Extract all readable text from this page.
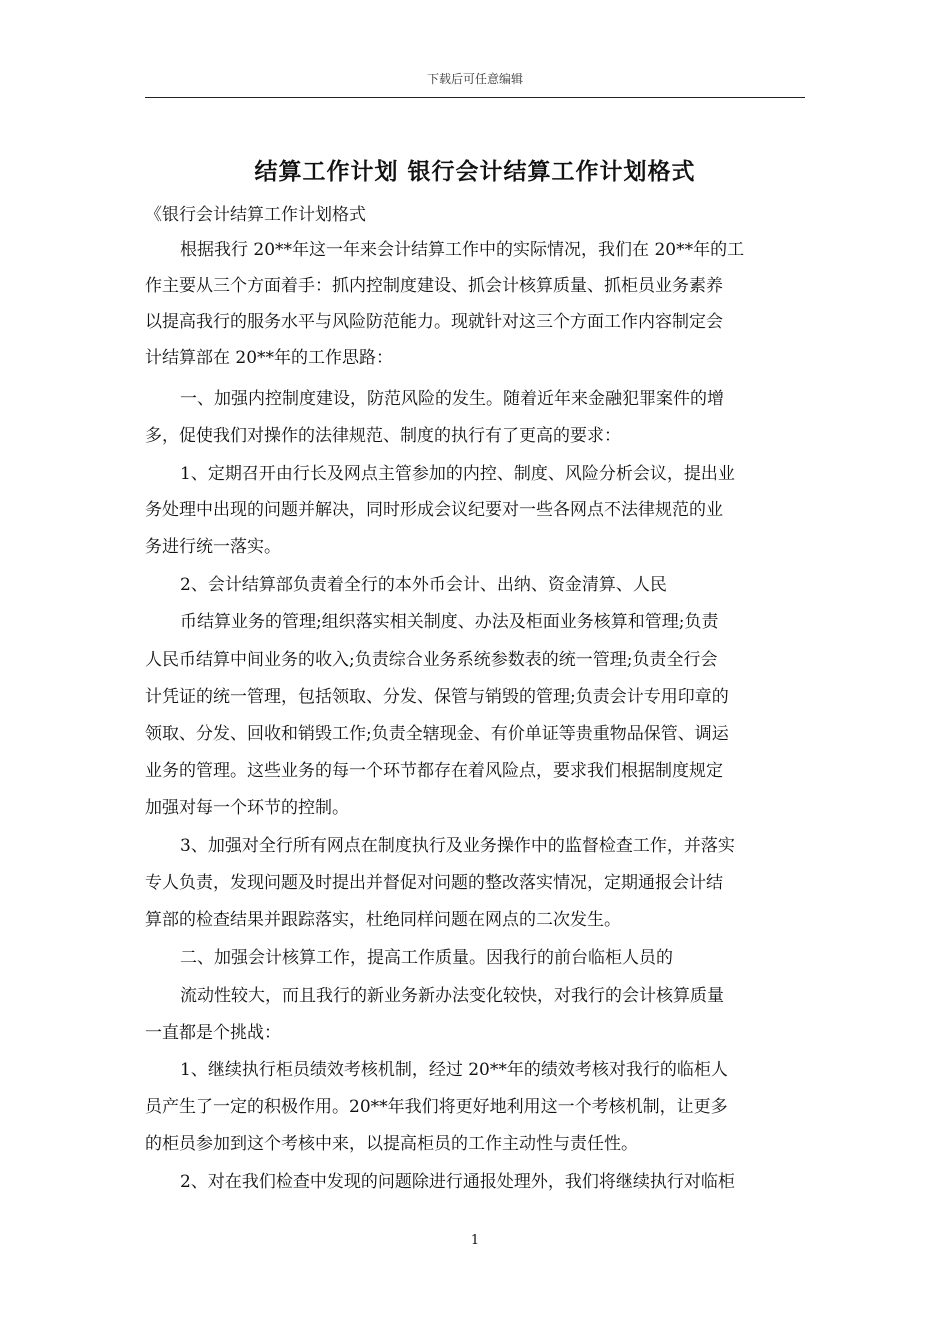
下载后可任意编辑
结算工作计划 银行会计结算工作计划格式
《银行会计结算工作计划格式
根据我行 20**年这一年来会计结算工作中的实际情况，我们在 20**年的工
作主要从三个方面着手：抓内控制度建设、抓会计核算质量、抓柜员业务素养
以提高我行的服务水平与风险防范能力。现就针对这三个方面工作内容制定会
计结算部在 20**年的工作思路：
一、加强内控制度建设，防范风险的发生。随着近年来金融犯罪案件的增
多，促使我们对操作的法律规范、制度的执行有了更高的要求：
1、定期召开由行长及网点主管参加的内控、制度、风险分析会议，提出业
务处理中出现的问题并解决，同时形成会议纪要对一些各网点不法律规范的业
务进行统一落实。
2、会计结算部负责着全行的本外币会计、出纳、资金清算、人民
币结算业务的管理;组织落实相关制度、办法及柜面业务核算和管理;负责
人民币结算中间业务的收入;负责综合业务系统参数表的统一管理;负责全行会
计凭证的统一管理，包括领取、分发、保管与销毁的管理;负责会计专用印章的
领取、分发、回收和销毁工作;负责全辖现金、有价单证等贵重物品保管、调运
业务的管理。这些业务的每一个环节都存在着风险点，要求我们根据制度规定
加强对每一个环节的控制。
3、加强对全行所有网点在制度执行及业务操作中的监督检查工作，并落实
专人负责，发现问题及时提出并督促对问题的整改落实情况，定期通报会计结
算部的检查结果并跟踪落实，杜绝同样问题在网点的二次发生。
二、加强会计核算工作，提高工作质量。因我行的前台临柜人员的
流动性较大，而且我行的新业务新办法变化较快，对我行的会计核算质量
一直都是个挑战：
1、继续执行柜员绩效考核机制，经过 20**年的绩效考核对我行的临柜人
员产生了一定的积极作用。20**年我们将更好地利用这一个考核机制，让更多
的柜员参加到这个考核中来，以提高柜员的工作主动性与责任性。
2、对在我们检查中发现的问题除进行通报处理外，我们将继续执行对临柜
1
